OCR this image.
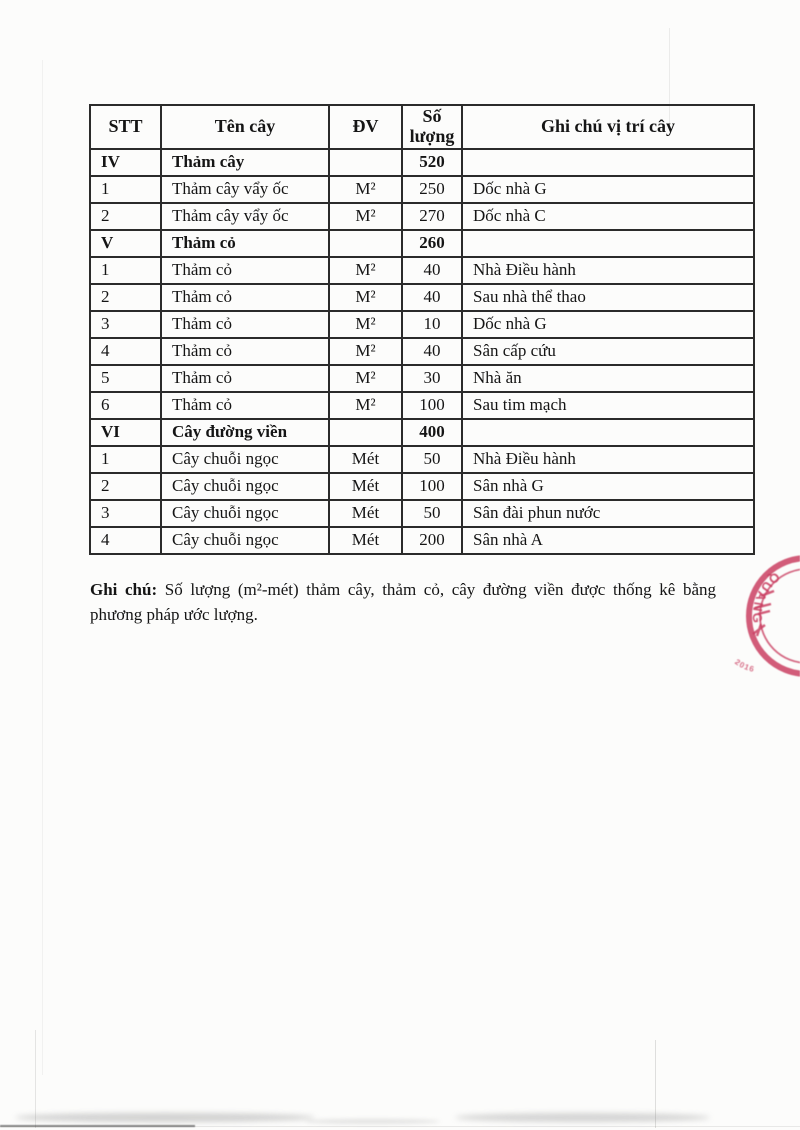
STT	Tên cây	ĐV	Số lượng	Ghi chú vị trí cây
IV	Thảm cây		520	
1	Thảm cây vẩy ốc	M²	250	Dốc nhà G
2	Thảm cây vẩy ốc	M²	270	Dốc nhà C
V	Thảm cỏ		260	
1	Thảm cỏ	M²	40	Nhà Điều hành
2	Thảm cỏ	M²	40	Sau nhà thể thao
3	Thảm cỏ	M²	10	Dốc nhà G
4	Thảm cỏ	M²	40	Sân cấp cứu
5	Thảm cỏ	M²	30	Nhà ăn
6	Thảm cỏ	M²	100	Sau tim mạch
VI	Cây đường viền		400	
1	Cây chuỗi ngọc	Mét	50	Nhà Điều hành
2	Cây chuỗi ngọc	Mét	100	Sân nhà G
3	Cây chuỗi ngọc	Mét	50	Sân đài phun nước
4	Cây chuỗi ngọc	Mét	200	Sân nhà A

Ghi chú: Số lượng (m²-mét) thảm cây, thảm cỏ, cây đường viền được thống kê bằng phương pháp ước lượng.

QUANG
2016
